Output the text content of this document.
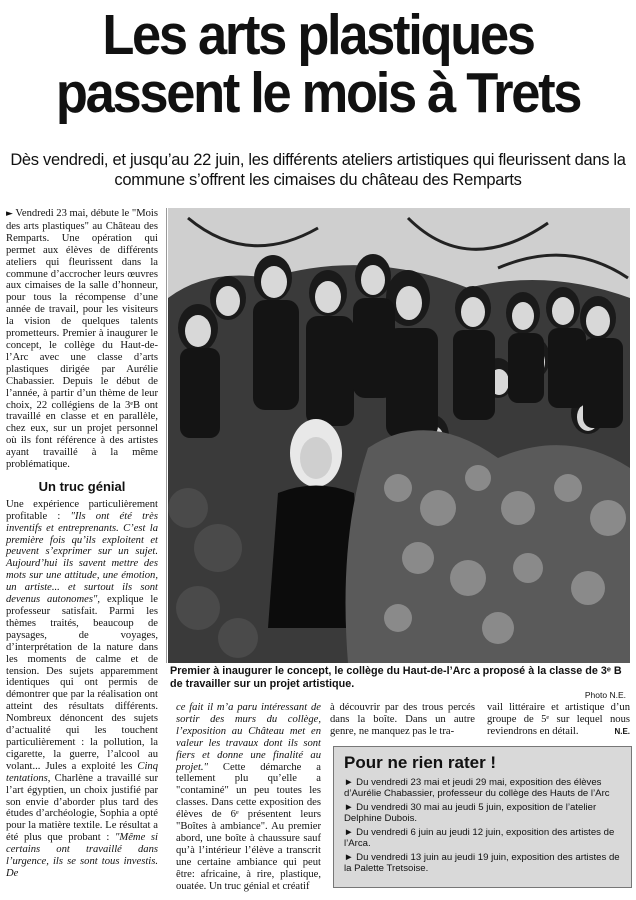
Les arts plastiques
passent le mois à Trets
Dès vendredi, et jusqu’au 22 juin, les différents ateliers artistiques qui fleurissent dans la commune s’offrent les cimaises du château des Remparts

► Vendredi 23 mai, débute le "Mois des arts plastiques" au Château des Remparts. Une opération qui permet aux élèves de différents ateliers qui fleurissent dans la commune d’accrocher leurs œuvres aux cimaises de la salle d’honneur, pour tous la récompense d’une année de travail, pour les visiteurs la vision de quelques talents prometteurs. Premier à inaugurer le concept, le collège du Haut-de-l’Arc avec une classe d’arts plastiques dirigée par Aurélie Chabassier. Depuis le début de l’année, à partir d’un thème de leur choix, 22 collégiens de la 3ᵉB ont travaillé en classe et en parallèle, chez eux, sur un projet personnel où ils font référence à des artistes ayant travaillé à la même problématique.

Un truc génial

Une expérience particulièrement profitable : "Ils ont été très inventifs et entreprenants. C’est la première fois qu’ils exploitent et peuvent s’exprimer sur un sujet. Aujourd’hui ils savent mettre des mots sur une attitude, une émotion, un artiste... et surtout ils sont devenus autonomes", explique le professeur satisfait. Parmi les thèmes traités, beaucoup de paysages, de voyages, d’interprétation de la nature dans les moments de calme et de tension. Des sujets apparemment identiques qui ont permis de démontrer que par la réalisation ont atteint des résultats différents. Nombreux dénoncent des sujets d’actualité qui les touchent particulièrement : la pollution, la cigarette, la guerre, l’alcool au volant... Jules a exploité les Cinq tentations, Charlène a travaillé sur l’art égyptien, un choix justifié par son envie d’aborder plus tard des études d’archéologie, Sophia a opté pour la matière textile. Le résultat a été plus que probant : "Même si certains ont travaillé dans l’urgence, ils se sont tous investis. De

Premier à inaugurer le concept, le collège du Haut-de-l’Arc a proposé à la classe de 3ᵉ B de travailler sur un projet artistique.
Photo N.E.

ce fait il m’a paru intéressant de sortir des murs du collège, l’exposition au Château met en valeur les travaux dont ils sont fiers et donne une finalité au projet." Cette démarche a tellement plu qu’elle a "contaminé" un peu toutes les classes. Dans cette exposition des élèves de 6ᵉ présentent leurs "Boîtes à ambiance". Au premier abord, une boîte à chaussure sauf qu’à l’intérieur l’élève a transcrit une certaine ambiance qui peut être: africaine, à rire, plastique, ouatée. Un truc génial et créatif

à découvrir par des trous percés dans la boîte. Dans un autre genre, ne manquez pas le tra-

vail littéraire et artistique d’un groupe de 5ᵉ sur lequel nous reviendrons en détail.	N.E.

Pour ne rien rater !
► Du vendredi 23 mai et jeudi 29 mai, exposition des élèves d’Aurélie Chabassier, professeur du collège des Hauts de l’Arc
► Du vendredi 30 mai au jeudi 5 juin, exposition de l’atelier Delphine Dubois.
► Du vendredi 6 juin au jeudi 12 juin, exposition des artistes de l’Arca.
► Du vendredi 13 juin au jeudi 19 juin, exposition des artistes de la Palette Tretsoise.
